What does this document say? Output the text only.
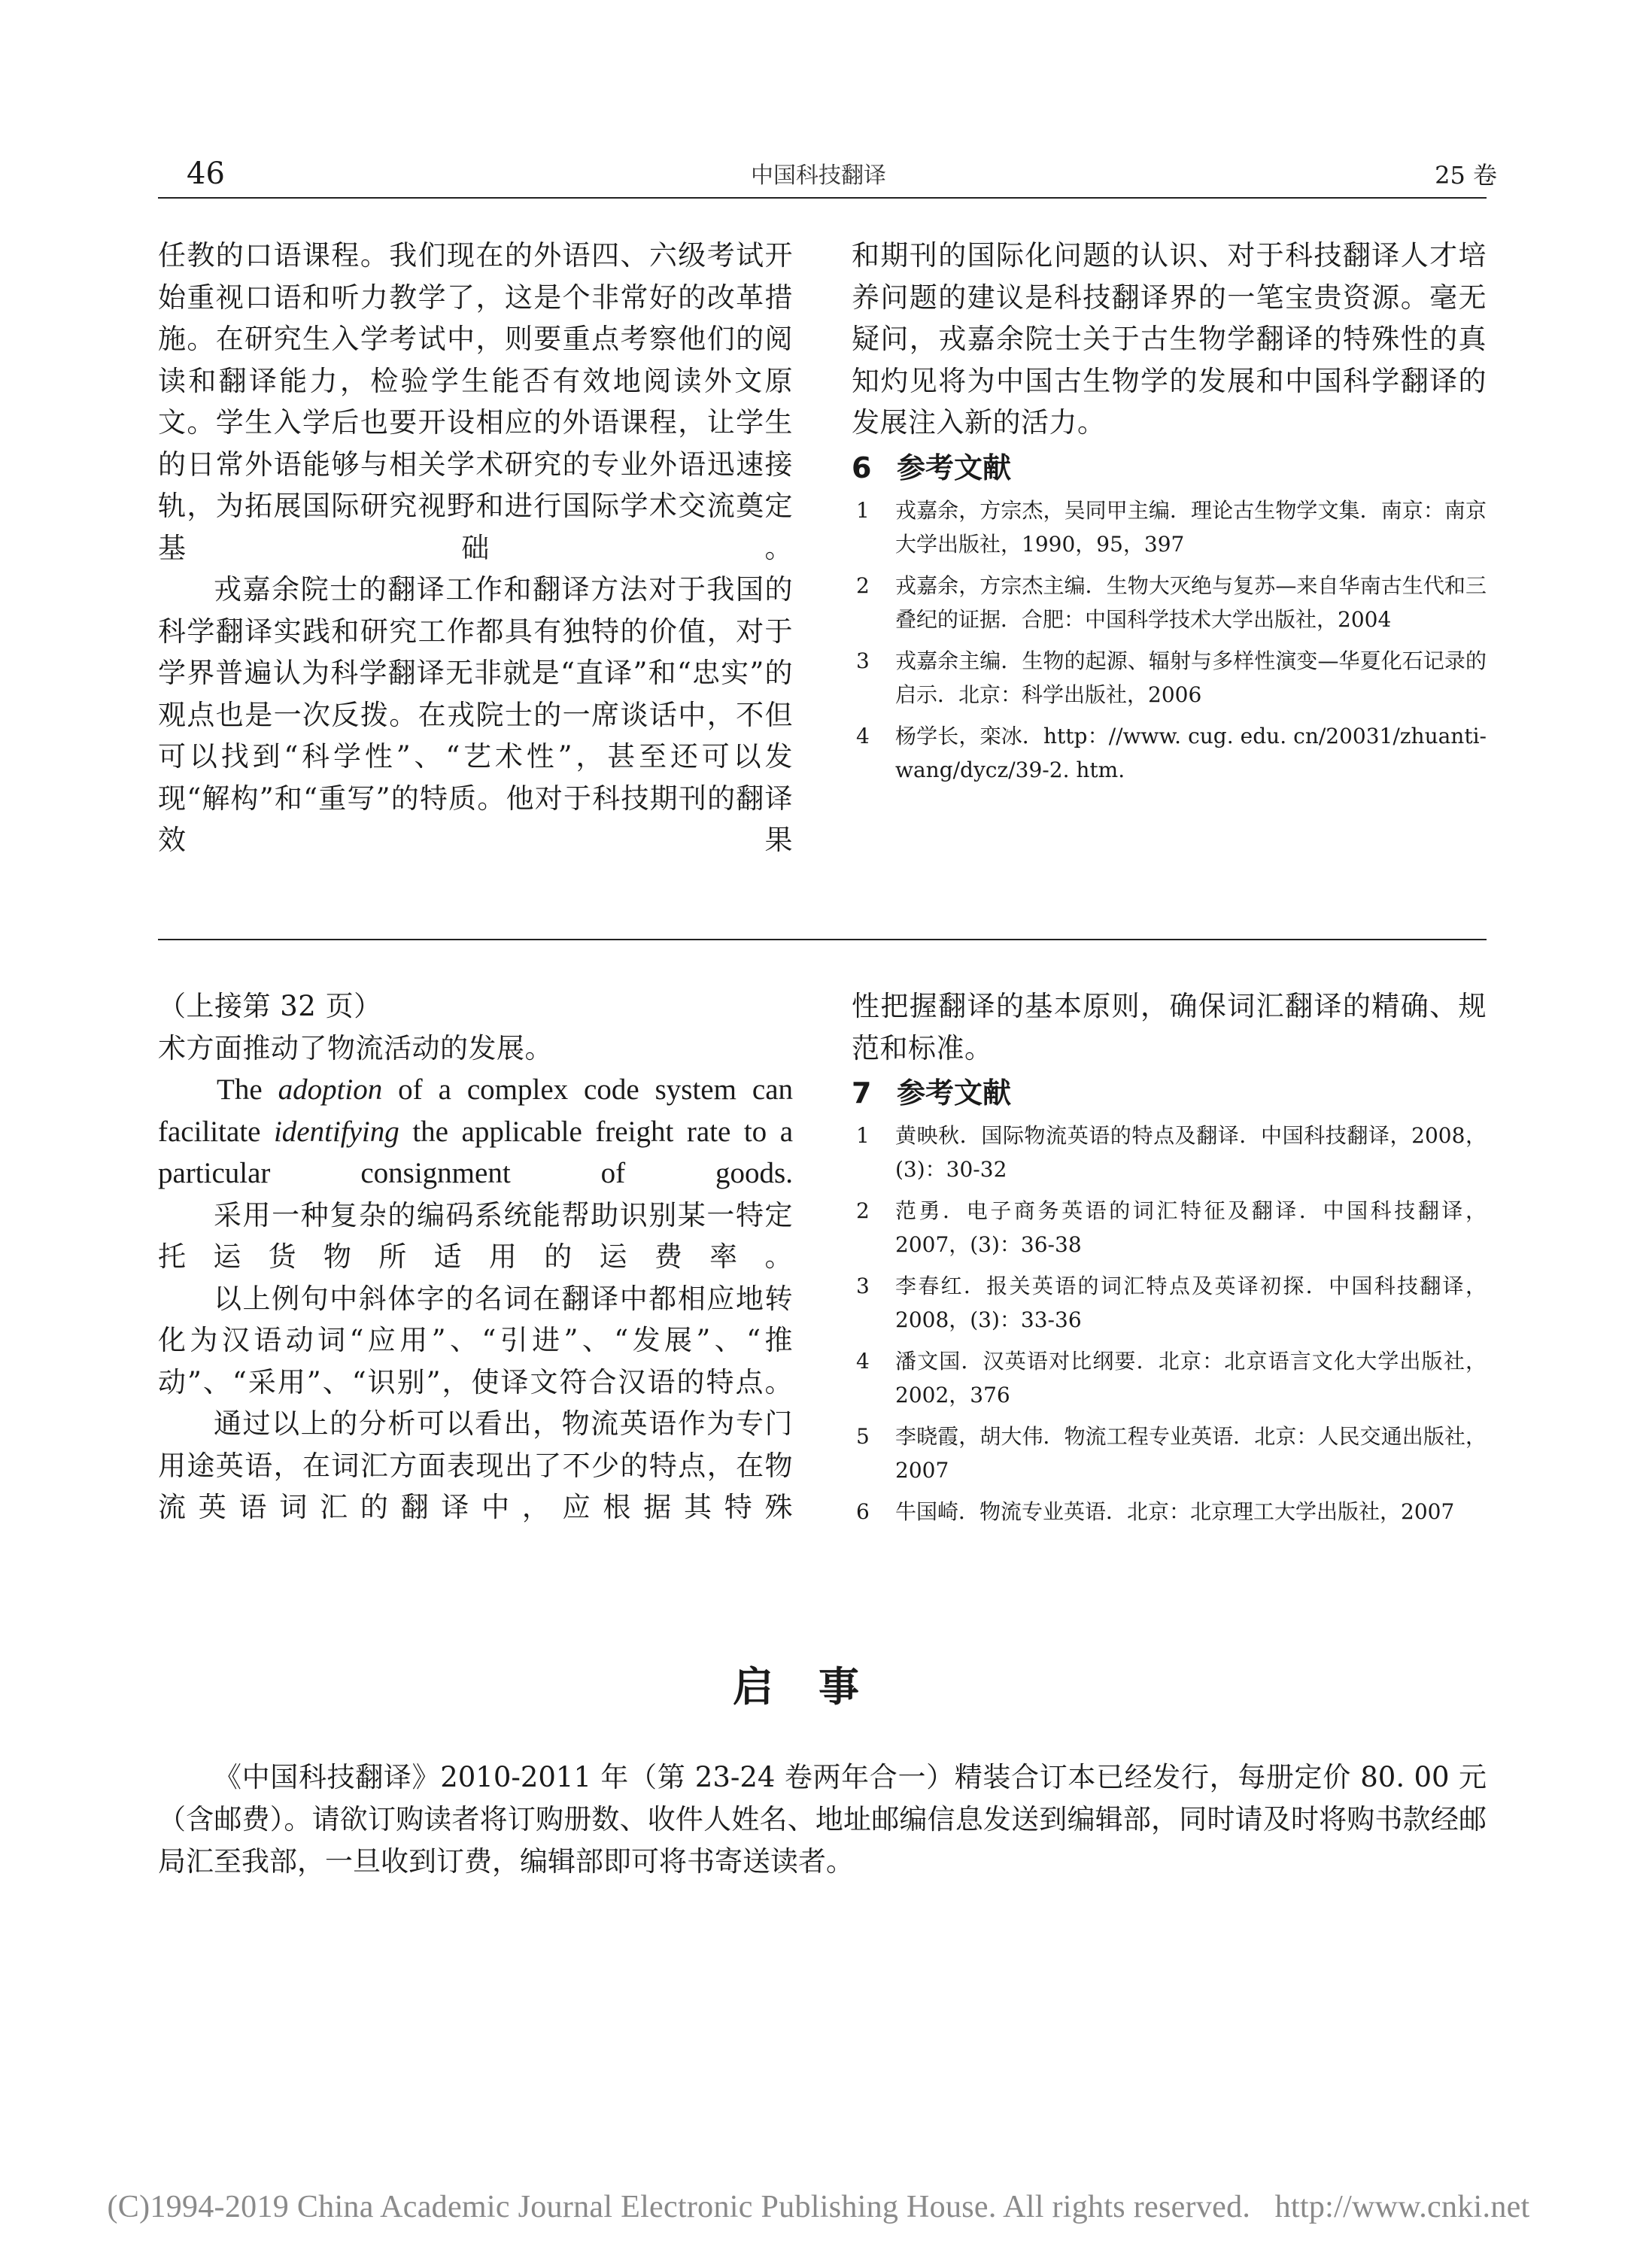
46	中国科技翻译	25 卷

任教的口语课程。我们现在的外语四、六级考试开始重视口语和听力教学了，这是个非常好的改革措施。在研究生入学考试中，则要重点考察他们的阅读和翻译能力，检验学生能否有效地阅读外文原文。学生入学后也要开设相应的外语课程，让学生的日常外语能够与相关学术研究的专业外语迅速接轨，为拓展国际研究视野和进行国际学术交流奠定基础。

戎嘉余院士的翻译工作和翻译方法对于我国的科学翻译实践和研究工作都具有独特的价值，对于学界普遍认为科学翻译无非就是“直译”和“忠实”的观点也是一次反拨。在戎院士的一席谈话中，不但可以找到“科学性”、“艺术性”，甚至还可以发现“解构”和“重写”的特质。他对于科技期刊的翻译效果

和期刊的国际化问题的认识、对于科技翻译人才培养问题的建议是科技翻译界的一笔宝贵资源。毫无疑问，戎嘉余院士关于古生物学翻译的特殊性的真知灼见将为中国古生物学的发展和中国科学翻译的发展注入新的活力。

6 参考文献
1 戎嘉余，方宗杰，吴同甲主编．理论古生物学文集．南京：南京大学出版社，1990，95，397
2 戎嘉余，方宗杰主编．生物大灭绝与复苏—来自华南古生代和三叠纪的证据．合肥：中国科学技术大学出版社，2004
3 戎嘉余主编．生物的起源、辐射与多样性演变—华夏化石记录的启示．北京：科学出版社，2006
4 杨学长，栾冰．http：//www. cug. edu. cn/20031/zhuanti-wang/dycz/39-2. htm.

（上接第 32 页）

术方面推动了物流活动的发展。

The adoption of a complex code system can facilitate identifying the applicable freight rate to a particular consignment of goods.

采用一种复杂的编码系统能帮助识别某一特定托运货物所适用的运费率。

以上例句中斜体字的名词在翻译中都相应地转化为汉语动词“应用”、“引进”、“发展”、“推动”、“采用”、“识别”，使译文符合汉语的特点。

通过以上的分析可以看出，物流英语作为专门用途英语，在词汇方面表现出了不少的特点，在物流英语词汇的翻译中，应根据其特殊

性把握翻译的基本原则，确保词汇翻译的精确、规范和标准。

7 参考文献
1 黄映秋．国际物流英语的特点及翻译．中国科技翻译，2008，(3)：30-32
2 范勇．电子商务英语的词汇特征及翻译．中国科技翻译，2007，(3)：36-38
3 李春红．报关英语的词汇特点及英译初探．中国科技翻译，2008，(3)：33-36
4 潘文国．汉英语对比纲要．北京：北京语言文化大学出版社，2002，376
5 李晓霞，胡大伟．物流工程专业英语．北京：人民交通出版社，2007
6 牛国崎．物流专业英语．北京：北京理工大学出版社，2007
启事

《中国科技翻译》2010-2011 年（第 23-24 卷两年合一）精装合订本已经发行，每册定价 80. 00 元（含邮费）。请欲订购读者将订购册数、收件人姓名、地址邮编信息发送到编辑部，同时请及时将购书款经邮局汇至我部，一旦收到订费，编辑部即可将书寄送读者。

(C)1994-2019 China Academic Journal Electronic Publishing House. All rights reserved. http://www.cnki.net
